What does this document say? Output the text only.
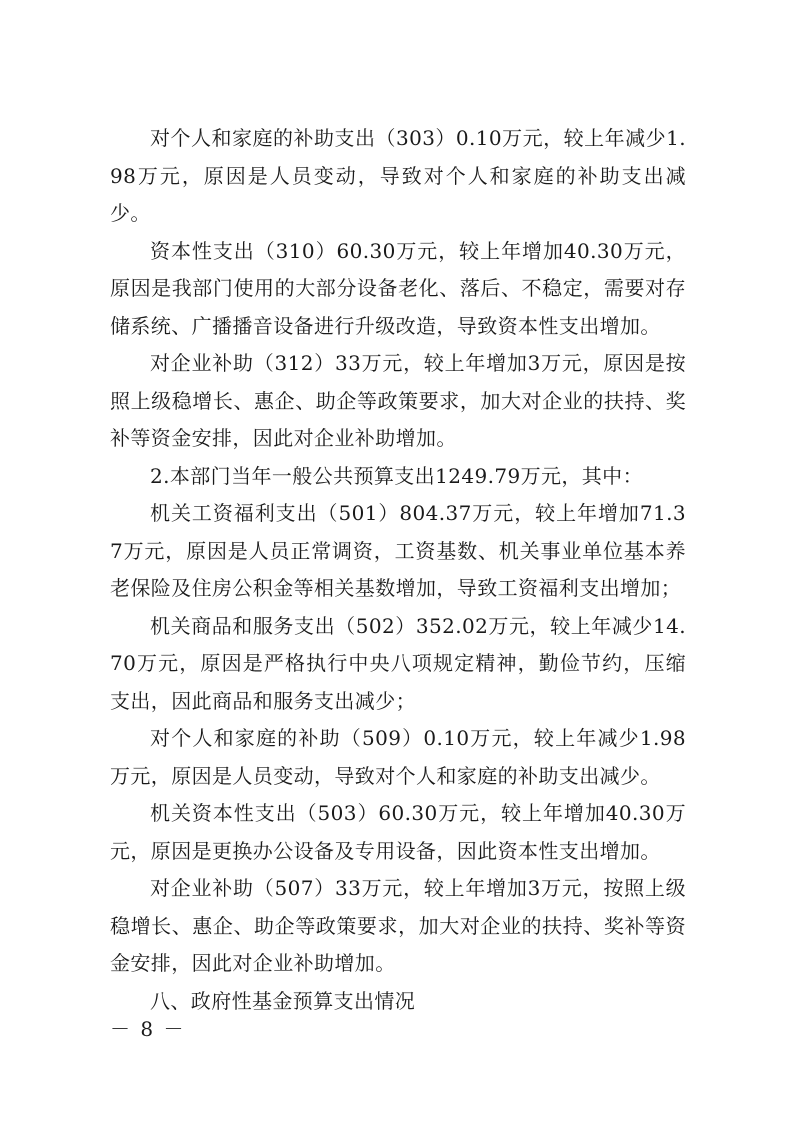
对个人和家庭的补助支出（303）0.10万元，较上年减少1.98万元，原因是人员变动，导致对个人和家庭的补助支出减少。

资本性支出（310）60.30万元，较上年增加40.30万元，原因是我部门使用的大部分设备老化、落后、不稳定，需要对存储系统、广播播音设备进行升级改造，导致资本性支出增加。

对企业补助（312）33万元，较上年增加3万元，原因是按照上级稳增长、惠企、助企等政策要求，加大对企业的扶持、奖补等资金安排，因此对企业补助增加。

2.本部门当年一般公共预算支出1249.79万元，其中：

机关工资福利支出（501）804.37万元，较上年增加71.37万元，原因是人员正常调资，工资基数、机关事业单位基本养老保险及住房公积金等相关基数增加，导致工资福利支出增加；

机关商品和服务支出（502）352.02万元，较上年减少14.70万元，原因是严格执行中央八项规定精神，勤俭节约，压缩支出，因此商品和服务支出减少；

对个人和家庭的补助（509）0.10万元，较上年减少1.98万元，原因是人员变动，导致对个人和家庭的补助支出减少。

机关资本性支出（503）60.30万元，较上年增加40.30万元，原因是更换办公设备及专用设备，因此资本性支出增加。

对企业补助（507）33万元，较上年增加3万元，按照上级稳增长、惠企、助企等政策要求，加大对企业的扶持、奖补等资金安排，因此对企业补助增加。

八、政府性基金预算支出情况

－ 8 －
